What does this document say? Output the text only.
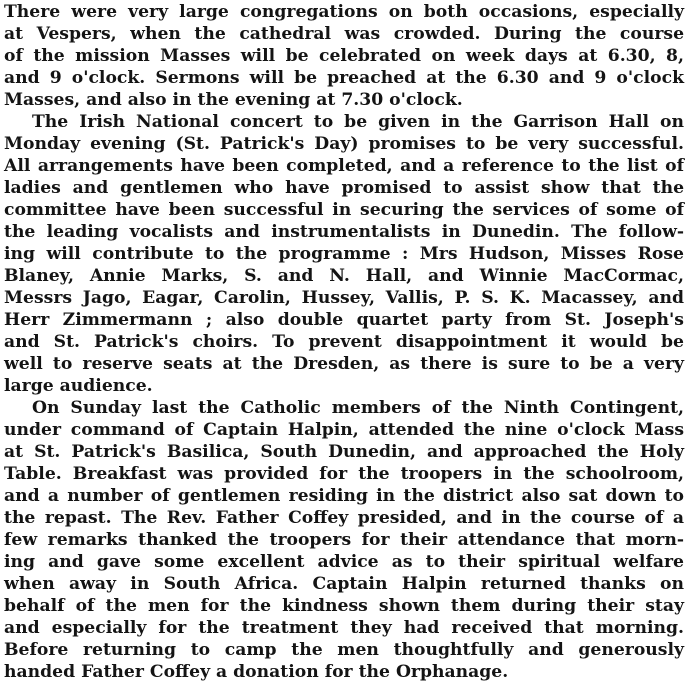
There were very large congregations on both occasions, especially
at Vespers, when the cathedral was crowded. During the course
of the mission Masses will be celebrated on week days at 6.30, 8,
and 9 o'clock. Sermons will be preached at the 6.30 and 9 o'clock
Masses, and also in the evening at 7.30 o'clock.
The Irish National concert to be given in the Garrison Hall on
Monday evening (St. Patrick's Day) promises to be very successful.
All arrangements have been completed, and a reference to the list of
ladies and gentlemen who have promised to assist show that the
committee have been successful in securing the services of some of
the leading vocalists and instrumentalists in Dunedin. The follow-
ing will contribute to the programme : Mrs Hudson, Misses Rose
Blaney, Annie Marks, S. and N. Hall, and Winnie MacCormac,
Messrs Jago, Eagar, Carolin, Hussey, Vallis, P. S. K. Macassey, and
Herr Zimmermann ; also double quartet party from St. Joseph's
and St. Patrick's choirs. To prevent disappointment it would be
well to reserve seats at the Dresden, as there is sure to be a very
large audience.
On Sunday last the Catholic members of the Ninth Contingent,
under command of Captain Halpin, attended the nine o'clock Mass
at St. Patrick's Basilica, South Dunedin, and approached the Holy
Table. Breakfast was provided for the troopers in the schoolroom,
and a number of gentlemen residing in the district also sat down to
the repast. The Rev. Father Coffey presided, and in the course of a
few remarks thanked the troopers for their attendance that morn-
ing and gave some excellent advice as to their spiritual welfare
when away in South Africa. Captain Halpin returned thanks on
behalf of the men for the kindness shown them during their stay
and especially for the treatment they had received that morning.
Before returning to camp the men thoughtfully and generously
handed Father Coffey a donation for the Orphanage.
